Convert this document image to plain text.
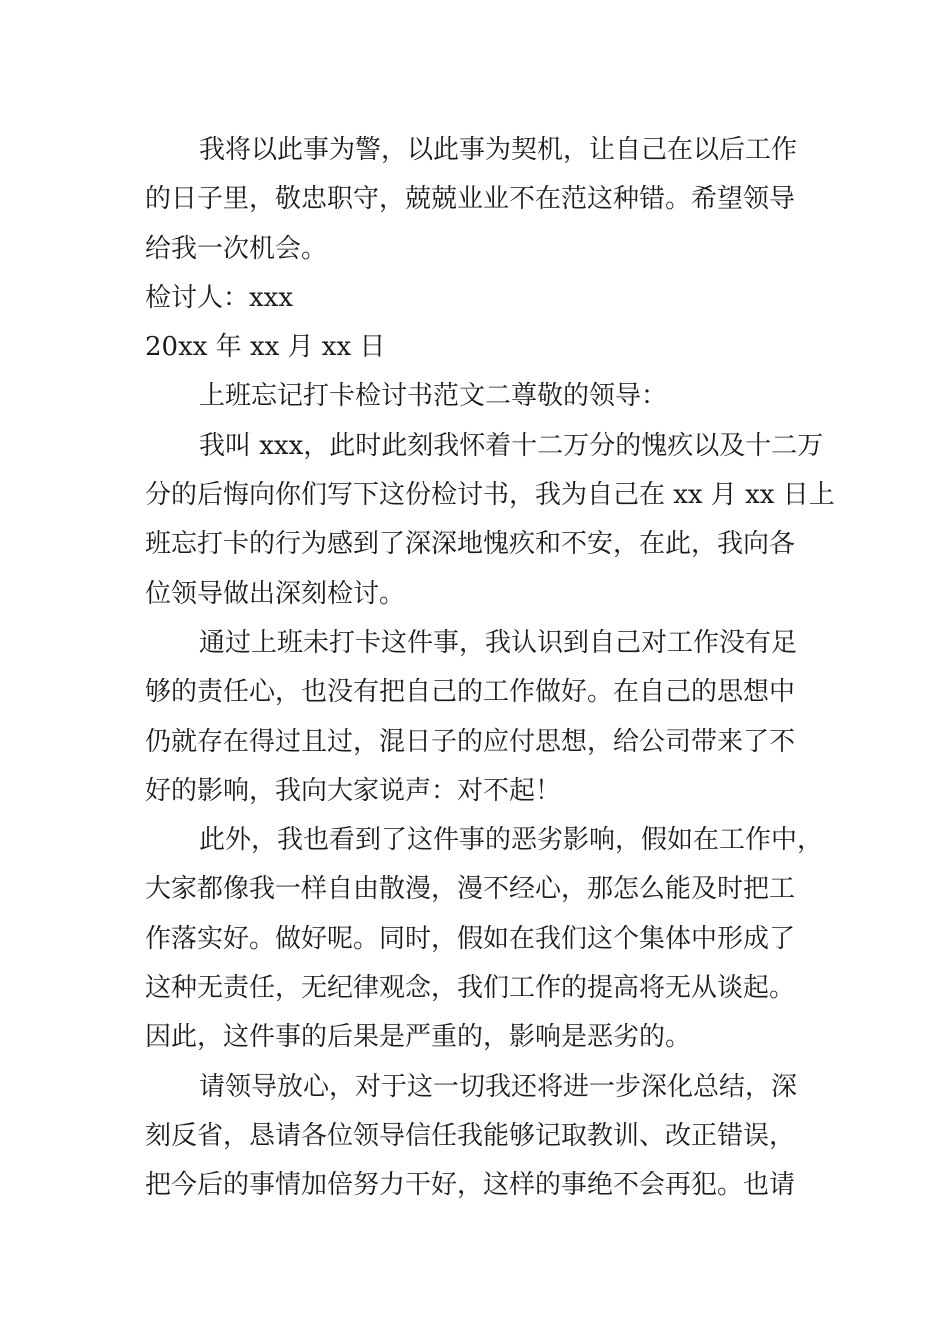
我将以此事为警，以此事为契机，让自己在以后工作
的日子里，敬忠职守，兢兢业业不在范这种错。希望领导
给我一次机会。
检讨人：xxx
20xx 年 xx 月 xx 日
上班忘记打卡检讨书范文二尊敬的领导：
我叫 xxx，此时此刻我怀着十二万分的愧疚以及十二万
分的后悔向你们写下这份检讨书，我为自己在 xx 月 xx 日上
班忘打卡的行为感到了深深地愧疚和不安，在此，我向各
位领导做出深刻检讨。
通过上班未打卡这件事，我认识到自己对工作没有足
够的责任心，也没有把自己的工作做好。在自己的思想中
仍就存在得过且过，混日子的应付思想，给公司带来了不
好的影响，我向大家说声：对不起！
此外，我也看到了这件事的恶劣影响，假如在工作中，
大家都像我一样自由散漫，漫不经心，那怎么能及时把工
作落实好。做好呢。同时，假如在我们这个集体中形成了
这种无责任，无纪律观念，我们工作的提高将无从谈起。
因此，这件事的后果是严重的，影响是恶劣的。
请领导放心，对于这一切我还将进一步深化总结，深
刻反省，恳请各位领导信任我能够记取教训、改正错误，
把今后的事情加倍努力干好，这样的事绝不会再犯。也请
